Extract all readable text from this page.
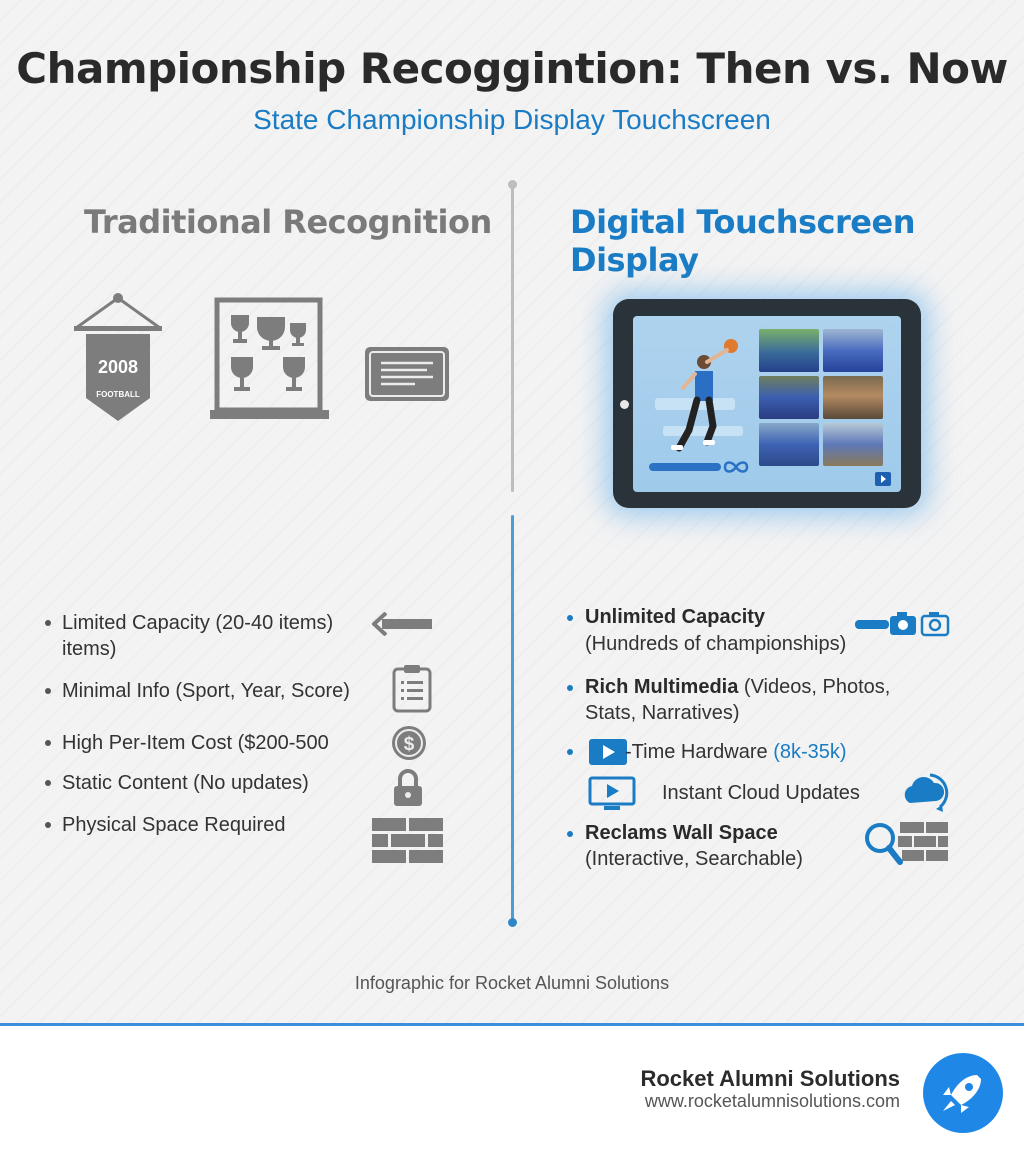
Championship Recoggintion: Then vs. Now
State Championship Display Touchscreen
Traditional Recognition Digital Touchscreen Display
2008
FOOTBALL
Limited Capacity (20-40 items)
items)
Minimal Info (Sport, Year, Score)
High Per-Item Cost ($200-500	$
Static Content (No updates)
Physical Space Required
Unlimited Capacity
(Hundreds of championships)
Rich Multimedia (Videos, Photos,
Stats, Narratives)
-Time Hardware (8k-35k)
Instant Cloud Updates
Reclams Wall Space
(Interactive, Searchable)
Infographic for Rocket Alumni Solutions
Rocket Alumni Solutions
www.rocketalumnisolutions.com
